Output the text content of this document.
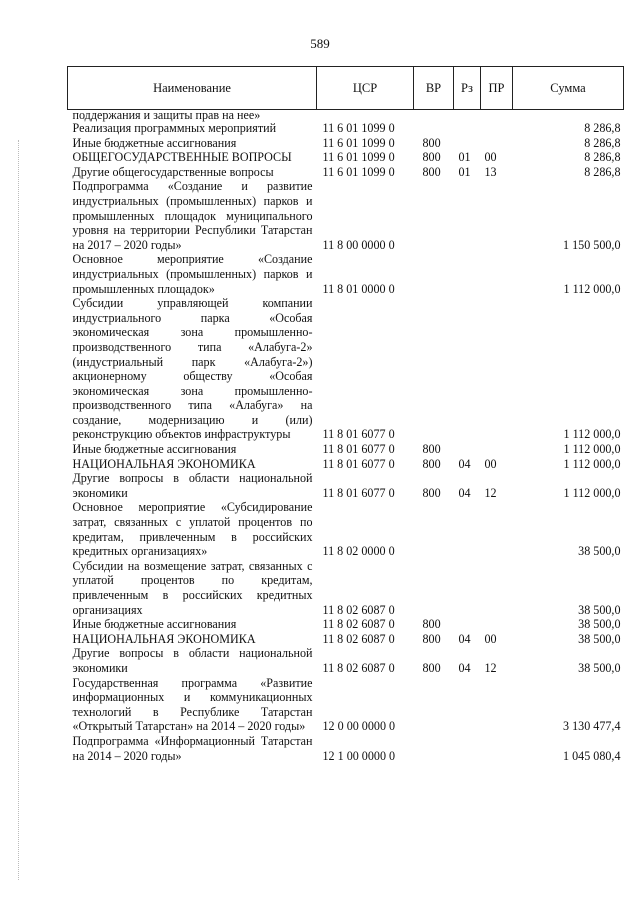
589
Наименование	ЦСР	ВР	Рз	ПР	Сумма
поддержания и защиты прав на нее»					
Реализация программных мероприятий	11 6 01 1099 0				8 286,8
Иные бюджетные ассигнования	11 6 01 1099 0	800			8 286,8
ОБЩЕГОСУДАРСТВЕННЫЕ ВОПРОСЫ	11 6 01 1099 0	800	01	00	8 286,8
Другие общегосударственные вопросы	11 6 01 1099 0	800	01	13	8 286,8
Подпрограмма «Создание и развитие индустриальных (промышленных) парков и промышленных площадок муниципального уровня на территории Республики Татарстан на 2017 – 2020 годы»	11 8 00 0000 0				1 150 500,0
Основное мероприятие «Создание индустриальных (промышленных) парков и промышленных площадок»	11 8 01 0000 0				1 112 000,0
Субсидии управляющей компании индустриального парка «Особая экономическая зона промышленно-производственного типа «Алабуга-2» (индустриальный парк «Алабуга-2») акционерному обществу «Особая экономическая зона промышленно-производственного типа «Алабуга» на создание, модернизацию и (или) реконструкцию объектов инфраструктуры	11 8 01 6077 0				1 112 000,0
Иные бюджетные ассигнования	11 8 01 6077 0	800			1 112 000,0
НАЦИОНАЛЬНАЯ ЭКОНОМИКА	11 8 01 6077 0	800	04	00	1 112 000,0
Другие вопросы в области национальной экономики	11 8 01 6077 0	800	04	12	1 112 000,0
Основное мероприятие «Субсидирование затрат, связанных с уплатой процентов по кредитам, привлеченным в российских кредитных организациях»	11 8 02 0000 0				38 500,0
Субсидии на возмещение затрат, связанных с уплатой процентов по кредитам, привлеченным в российских кредитных организациях	11 8 02 6087 0				38 500,0
Иные бюджетные ассигнования	11 8 02 6087 0	800			38 500,0
НАЦИОНАЛЬНАЯ ЭКОНОМИКА	11 8 02 6087 0	800	04	00	38 500,0
Другие вопросы в области национальной экономики	11 8 02 6087 0	800	04	12	38 500,0
Государственная программа «Развитие информационных и коммуникационных технологий в Республике Татарстан «Открытый Татарстан» на 2014 – 2020 годы»	12 0 00 0000 0				3 130 477,4
Подпрограмма «Информационный Татарстан на 2014 – 2020 годы»	12 1 00 0000 0				1 045 080,4
